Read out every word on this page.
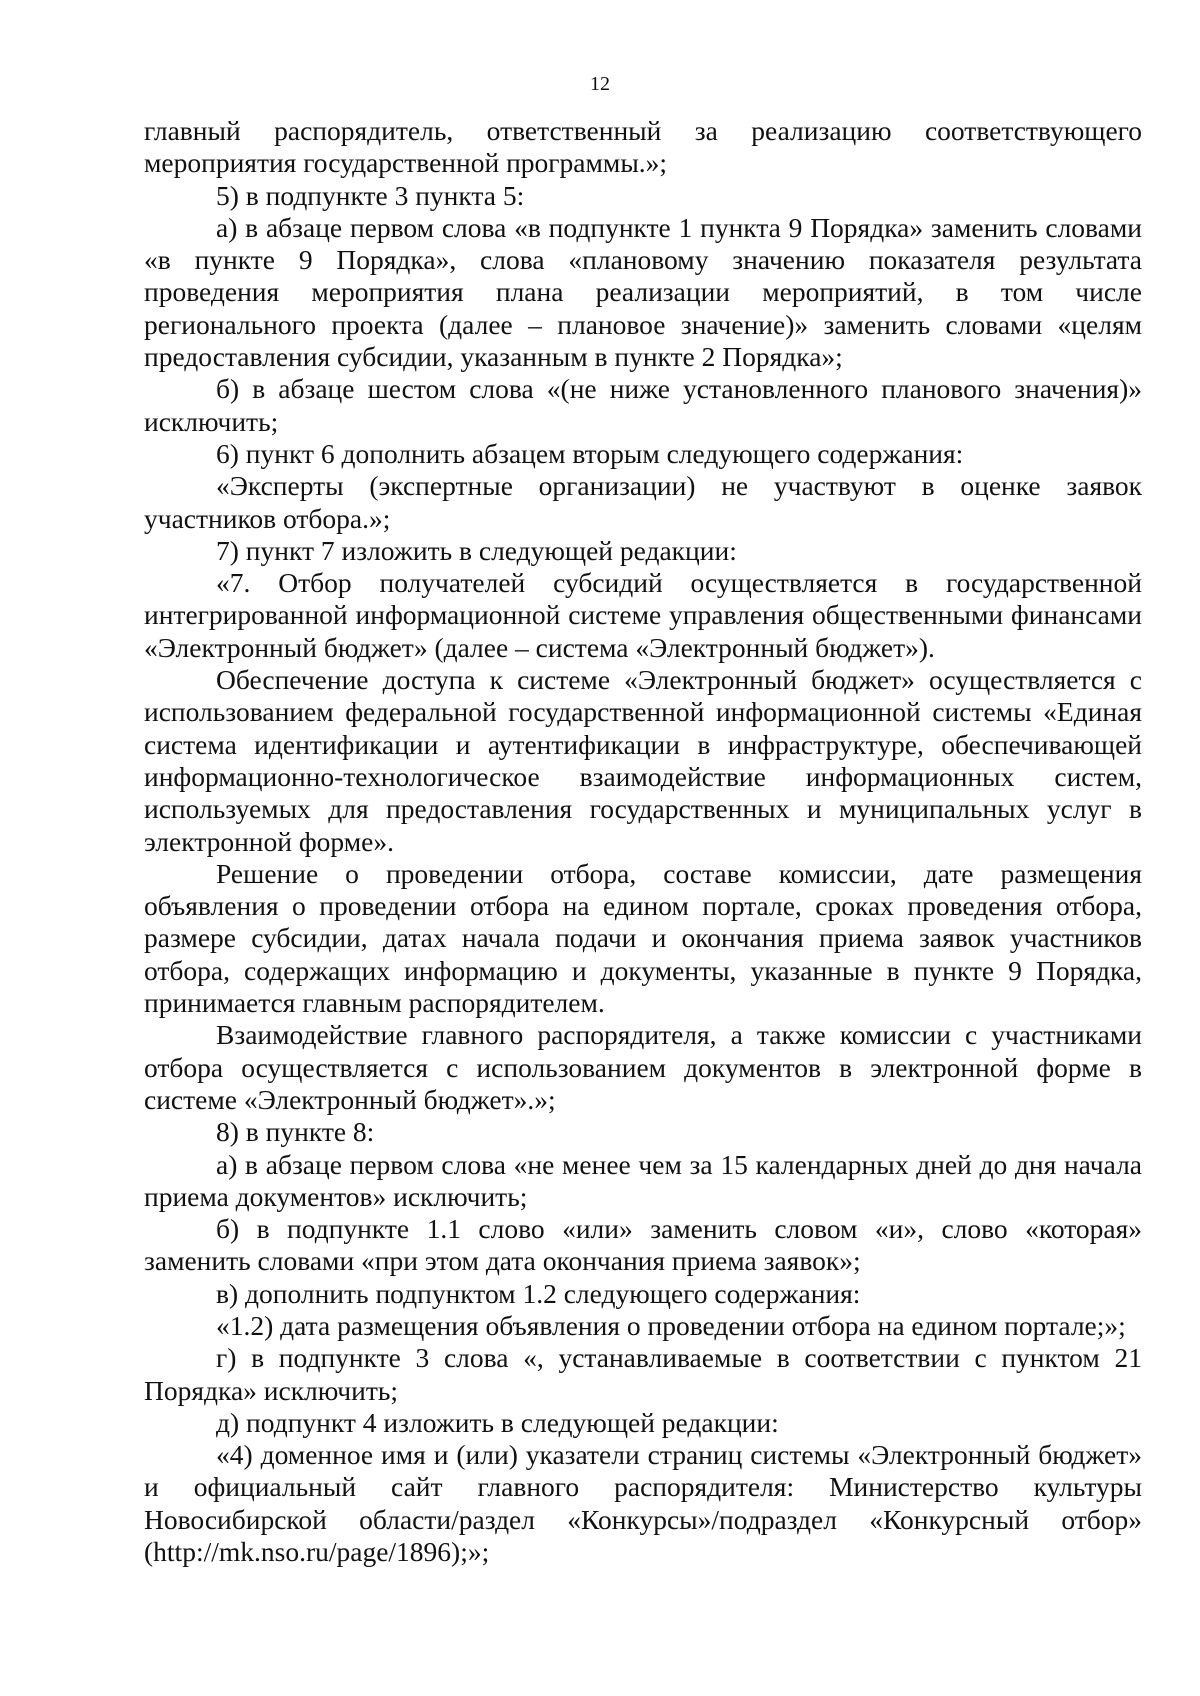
12

главный распорядитель, ответственный за реализацию соответствующего мероприятия государственной программы.»;

5) в подпункте 3 пункта 5:

а) в абзаце первом слова «в подпункте 1 пункта 9 Порядка» заменить словами «в пункте 9 Порядка», слова «плановому значению показателя результата проведения мероприятия плана реализации мероприятий, в том числе регионального проекта (далее – плановое значение)» заменить словами «целям предоставления субсидии, указанным в пункте 2 Порядка»;

б) в абзаце шестом слова «(не ниже установленного планового значения)» исключить;

6) пункт 6 дополнить абзацем вторым следующего содержания:

«Эксперты (экспертные организации) не участвуют в оценке заявок участников отбора.»;

7) пункт 7 изложить в следующей редакции:

«7. Отбор получателей субсидий осуществляется в государственной интегрированной информационной системе управления общественными финансами «Электронный бюджет» (далее – система «Электронный бюджет»).

Обеспечение доступа к системе «Электронный бюджет» осуществляется с использованием федеральной государственной информационной системы «Единая система идентификации и аутентификации в инфраструктуре, обеспечивающей информационно-технологическое взаимодействие информационных систем, используемых для предоставления государственных и муниципальных услуг в электронной форме».

Решение о проведении отбора, составе комиссии, дате размещения объявления о проведении отбора на едином портале, сроках проведения отбора, размере субсидии, датах начала подачи и окончания приема заявок участников отбора, содержащих информацию и документы, указанные в пункте 9 Порядка, принимается главным распорядителем.

Взаимодействие главного распорядителя, а также комиссии с участниками отбора осуществляется с использованием документов в электронной форме в системе «Электронный бюджет».»;

8) в пункте 8:

а) в абзаце первом слова «не менее чем за 15 календарных дней до дня начала приема документов» исключить;

б) в подпункте 1.1 слово «или» заменить словом «и», слово «которая» заменить словами «при этом дата окончания приема заявок»;

в) дополнить подпунктом 1.2 следующего содержания:

«1.2) дата размещения объявления о проведении отбора на едином портале;»;

г) в подпункте 3 слова «, устанавливаемые в соответствии с пунктом 21 Порядка» исключить;

д) подпункт 4 изложить в следующей редакции:

«4) доменное имя и (или) указатели страниц системы «Электронный бюджет» и официальный сайт главного распорядителя: Министерство культуры Новосибирской области/раздел «Конкурсы»/подраздел «Конкурсный отбор» (http://mk.nso.ru/page/1896);»;
